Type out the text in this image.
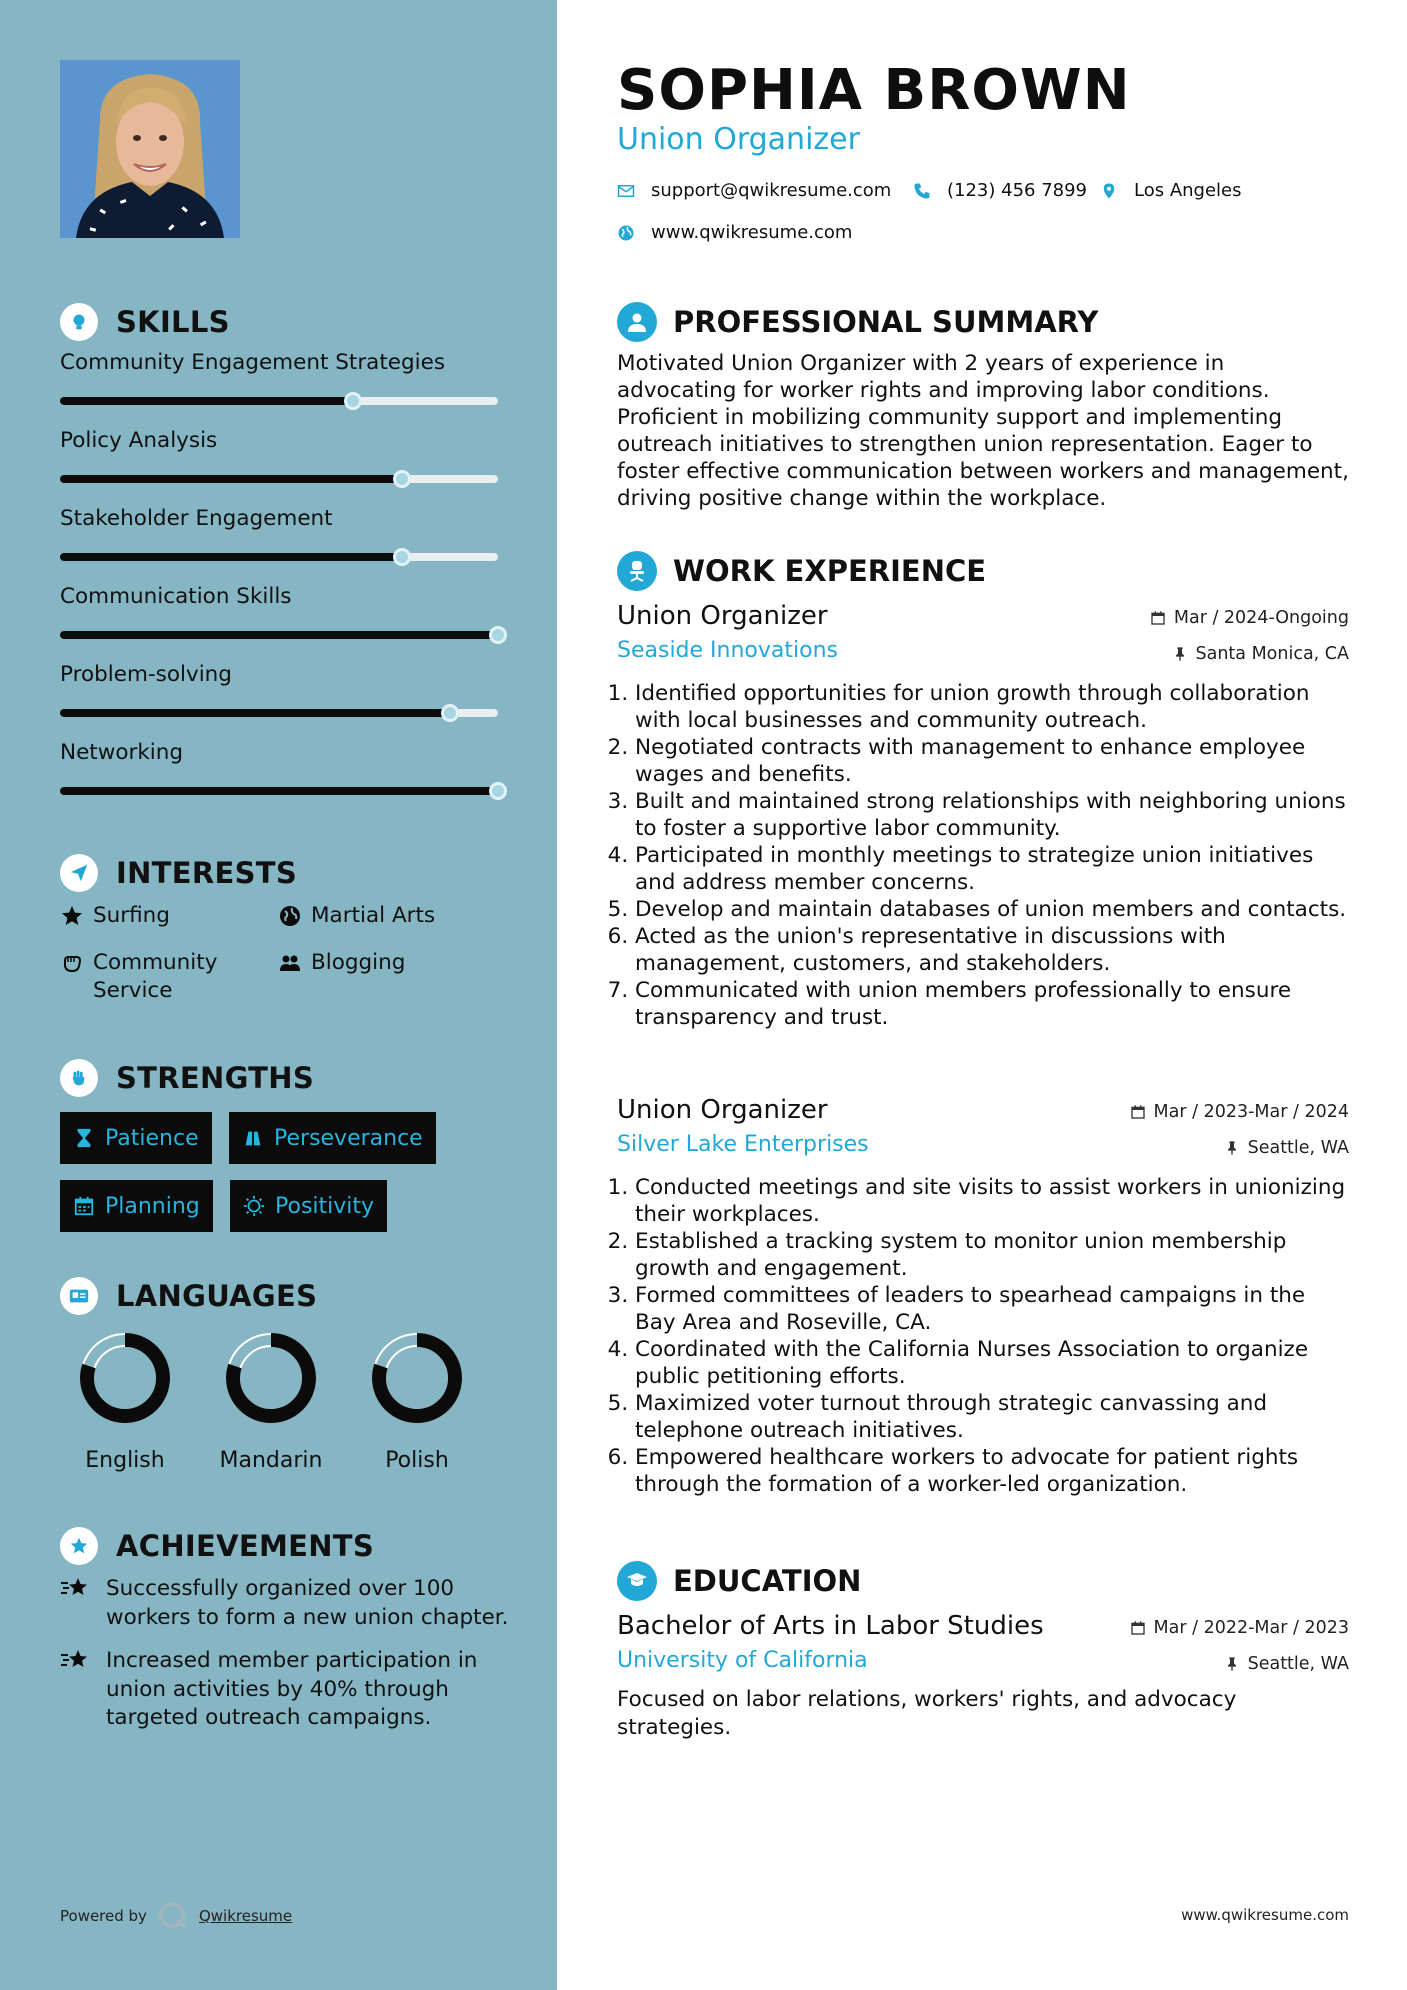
SKILLS
Community Engagement Strategies
Policy Analysis
Stakeholder Engagement
Communication Skills
Problem-solving
Networking
INTERESTS
Surfing	Martial Arts
Community Service
Blogging
STRENGTHS
Patience	Perseverance
Planning	Positivity
LANGUAGES
English	Mandarin	Polish
ACHIEVEMENTS
Successfully organized over 100 workers to form a new union chapter.
Increased member participation in union activities by 40% through targeted outreach campaigns.
Powered by	Qwikresume
SOPHIA BROWN
Union Organizer
support@qwikresume.com	(123) 456 7899	Los Angeles
www.qwikresume.com
PROFESSIONAL SUMMARY

Motivated Union Organizer with 2 years of experience in advocating for worker rights and improving labor conditions. Proficient in mobilizing community support and implementing outreach initiatives to strengthen union representation. Eager to foster effective communication between workers and management, driving positive change within the workplace.

WORK EXPERIENCE
Union Organizer
Seaside Innovations
Mar / 2024-Ongoing
Santa Monica, CA
1. Identified opportunities for union growth through collaboration with local businesses and community outreach.
2. Negotiated contracts with management to enhance employee wages and benefits.
3. Built and maintained strong relationships with neighboring unions to foster a supportive labor community.
4. Participated in monthly meetings to strategize union initiatives and address member concerns.
5. Develop and maintain databases of union members and contacts.
6. Acted as the union's representative in discussions with management, customers, and stakeholders.
7. Communicated with union members professionally to ensure transparency and trust.
Union Organizer
Silver Lake Enterprises
Mar / 2023-Mar / 2024
Seattle, WA
1. Conducted meetings and site visits to assist workers in unionizing their workplaces.
2. Established a tracking system to monitor union membership growth and engagement.
3. Formed committees of leaders to spearhead campaigns in the Bay Area and Roseville, CA.
4. Coordinated with the California Nurses Association to organize public petitioning efforts.
5. Maximized voter turnout through strategic canvassing and telephone outreach initiatives.
6. Empowered healthcare workers to advocate for patient rights through the formation of a worker-led organization.
EDUCATION
Bachelor of Arts in Labor Studies
University of California
Mar / 2022-Mar / 2023
Seattle, WA
Focused on labor relations, workers' rights, and advocacy strategies.
www.qwikresume.com
